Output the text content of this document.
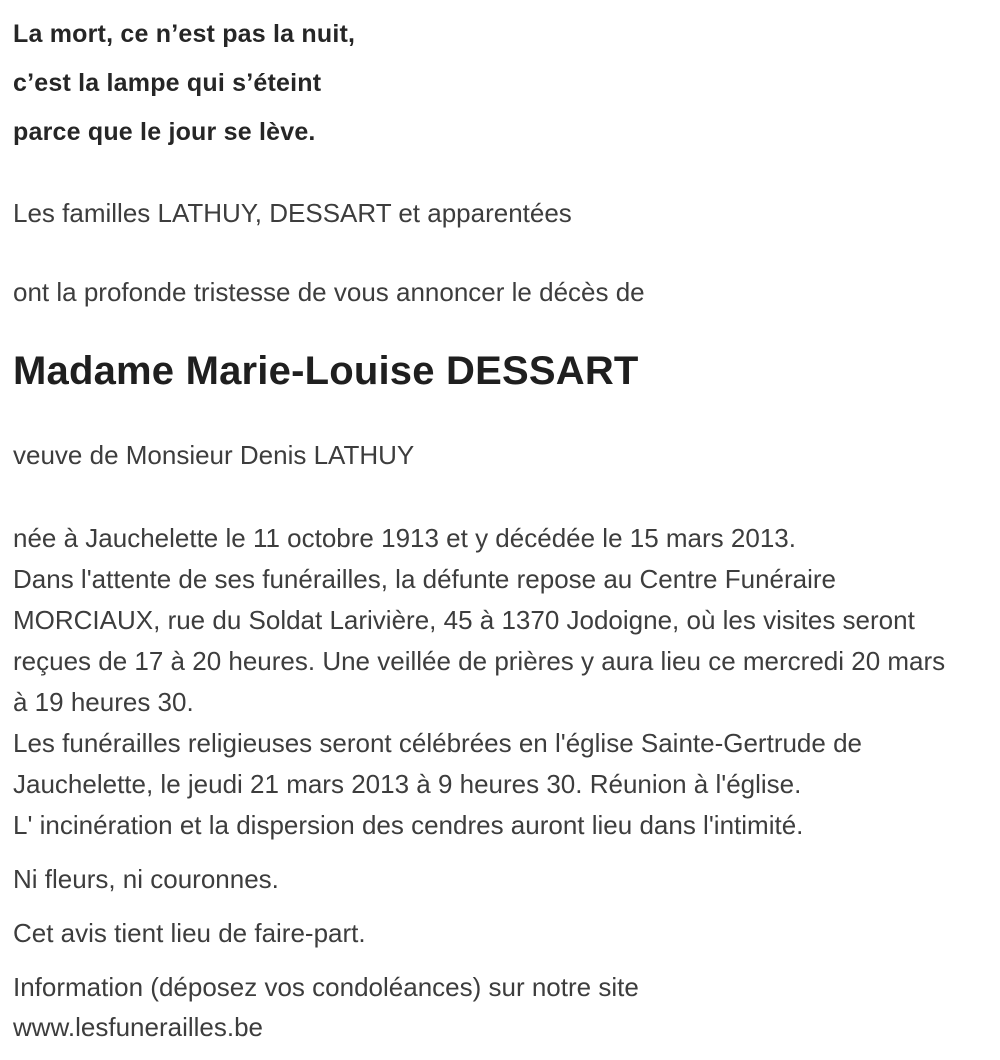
La mort, ce n’est pas la nuit,
c’est la lampe qui s’éteint
parce que le jour se lève.

Les familles LATHUY, DESSART et apparentées

ont la profonde tristesse de vous annoncer le décès de

Madame Marie-Louise DESSART

veuve de Monsieur Denis LATHUY

née à Jauchelette le 11 octobre 1913 et y décédée le 15 mars 2013.

Dans l'attente de ses funérailles, la défunte repose au Centre Funéraire MORCIAUX, rue du Soldat Larivière, 45 à 1370 Jodoigne, où les visites seront reçues de 17 à 20 heures. Une veillée de prières y aura lieu ce mercredi 20 mars à 19 heures 30.

Les funérailles religieuses seront célébrées en l'église Sainte-Gertrude de Jauchelette, le jeudi 21 mars 2013 à 9 heures 30. Réunion à l'église.

L' incinération et la dispersion des cendres auront lieu dans l'intimité.

Ni fleurs, ni couronnes.

Cet avis tient lieu de faire-part.

Information (déposez vos condoléances) sur notre site

www.lesfunerailles.be
